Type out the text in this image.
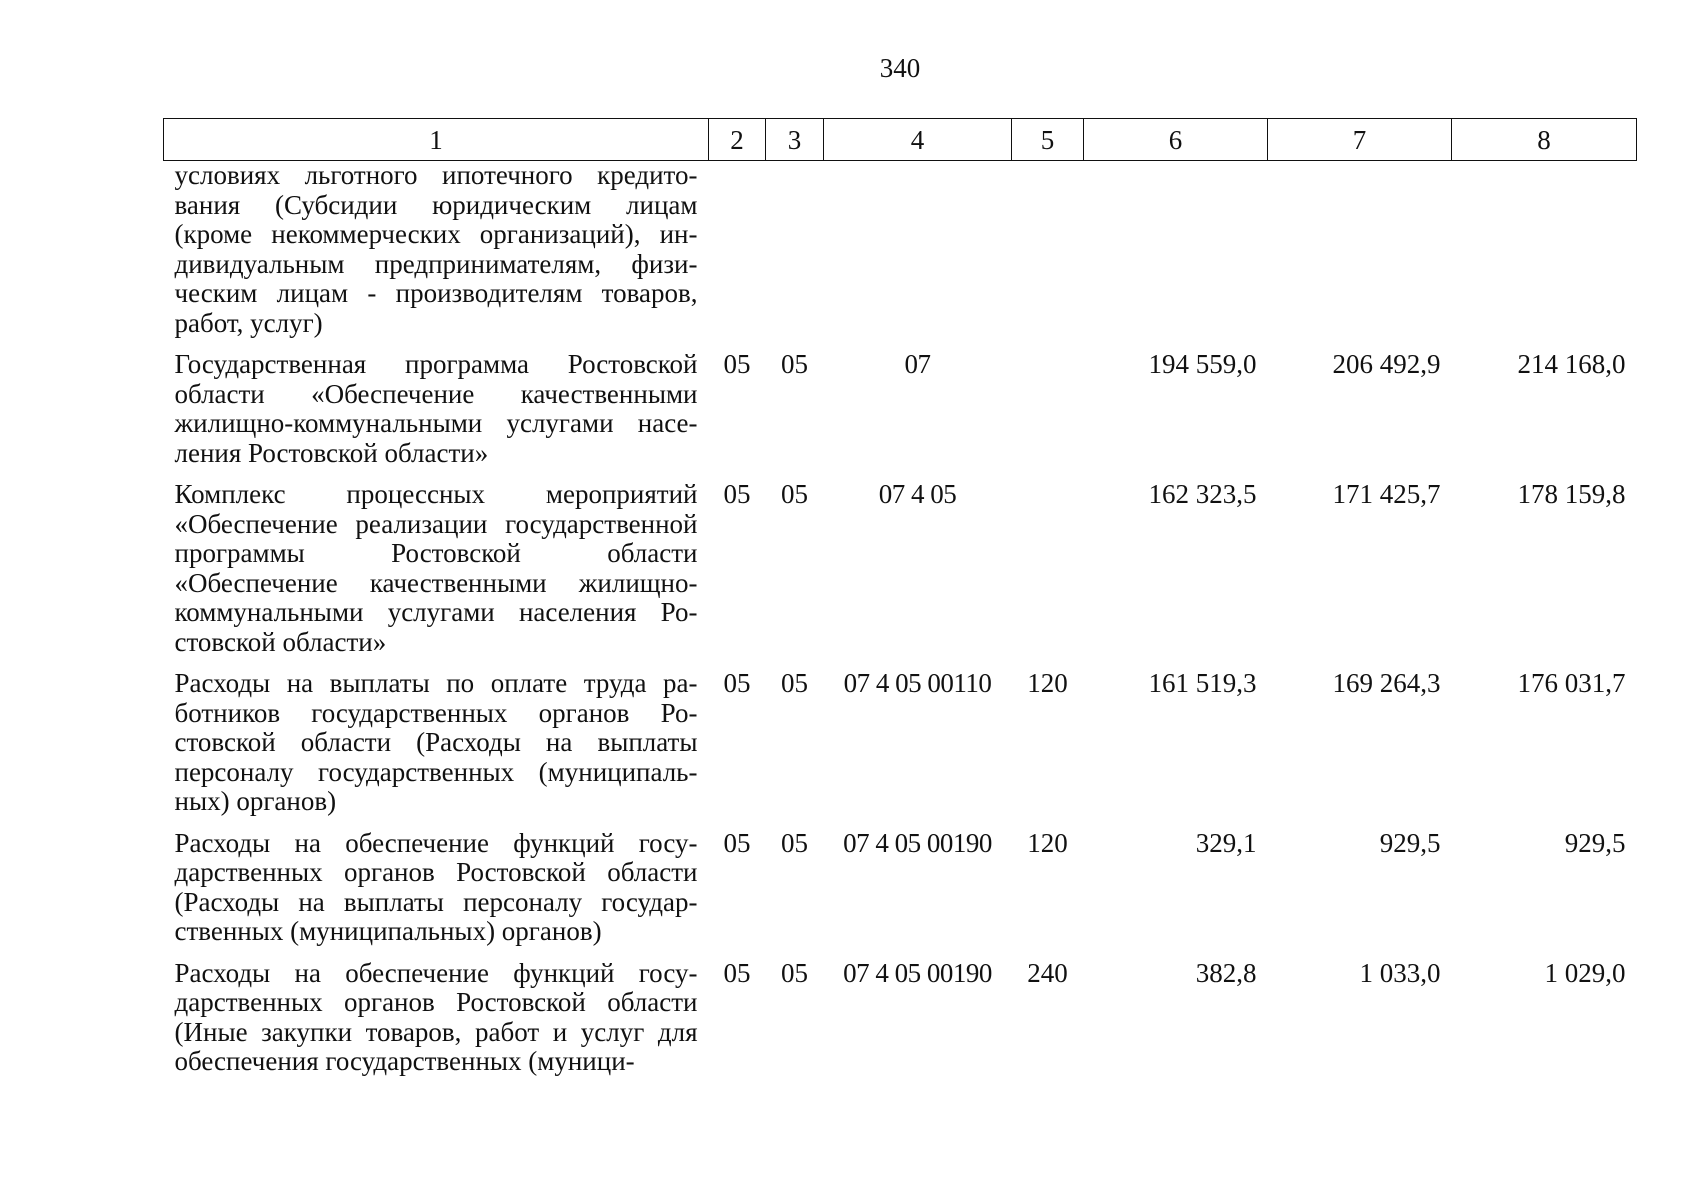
340
1	2	3	4	5	6	7	8
условиях льготного ипотечного кредитования (Субсидии юридическим лицам (кроме некоммерческих организаций), индивидуальным предпринимателям, физическим лицам - производителям товаров, работ, услуг)							
Государственная программа Ростовской области «Обеспечение качественными жилищно-коммунальными услугами населения Ростовской области»	05	05	07		194 559,0	206 492,9	214 168,0
Комплекс процессных мероприятий «Обеспечение реализации государственной программы Ростовской области «Обеспечение качественными жилищно-коммунальными услугами населения Ростовской области»	05	05	07 4 05		162 323,5	171 425,7	178 159,8
Расходы на выплаты по оплате труда работников государственных органов Ростовской области (Расходы на выплаты персоналу государственных (муниципальных) органов)	05	05	07 4 05 00110	120	161 519,3	169 264,3	176 031,7
Расходы на обеспечение функций государственных органов Ростовской области (Расходы на выплаты персоналу государственных (муниципальных) органов)	05	05	07 4 05 00190	120	329,1	929,5	929,5
Расходы на обеспечение функций государственных органов Ростовской области (Иные закупки товаров, работ и услуг для обеспечения государственных (муници-	05	05	07 4 05 00190	240	382,8	1 033,0	1 029,0
